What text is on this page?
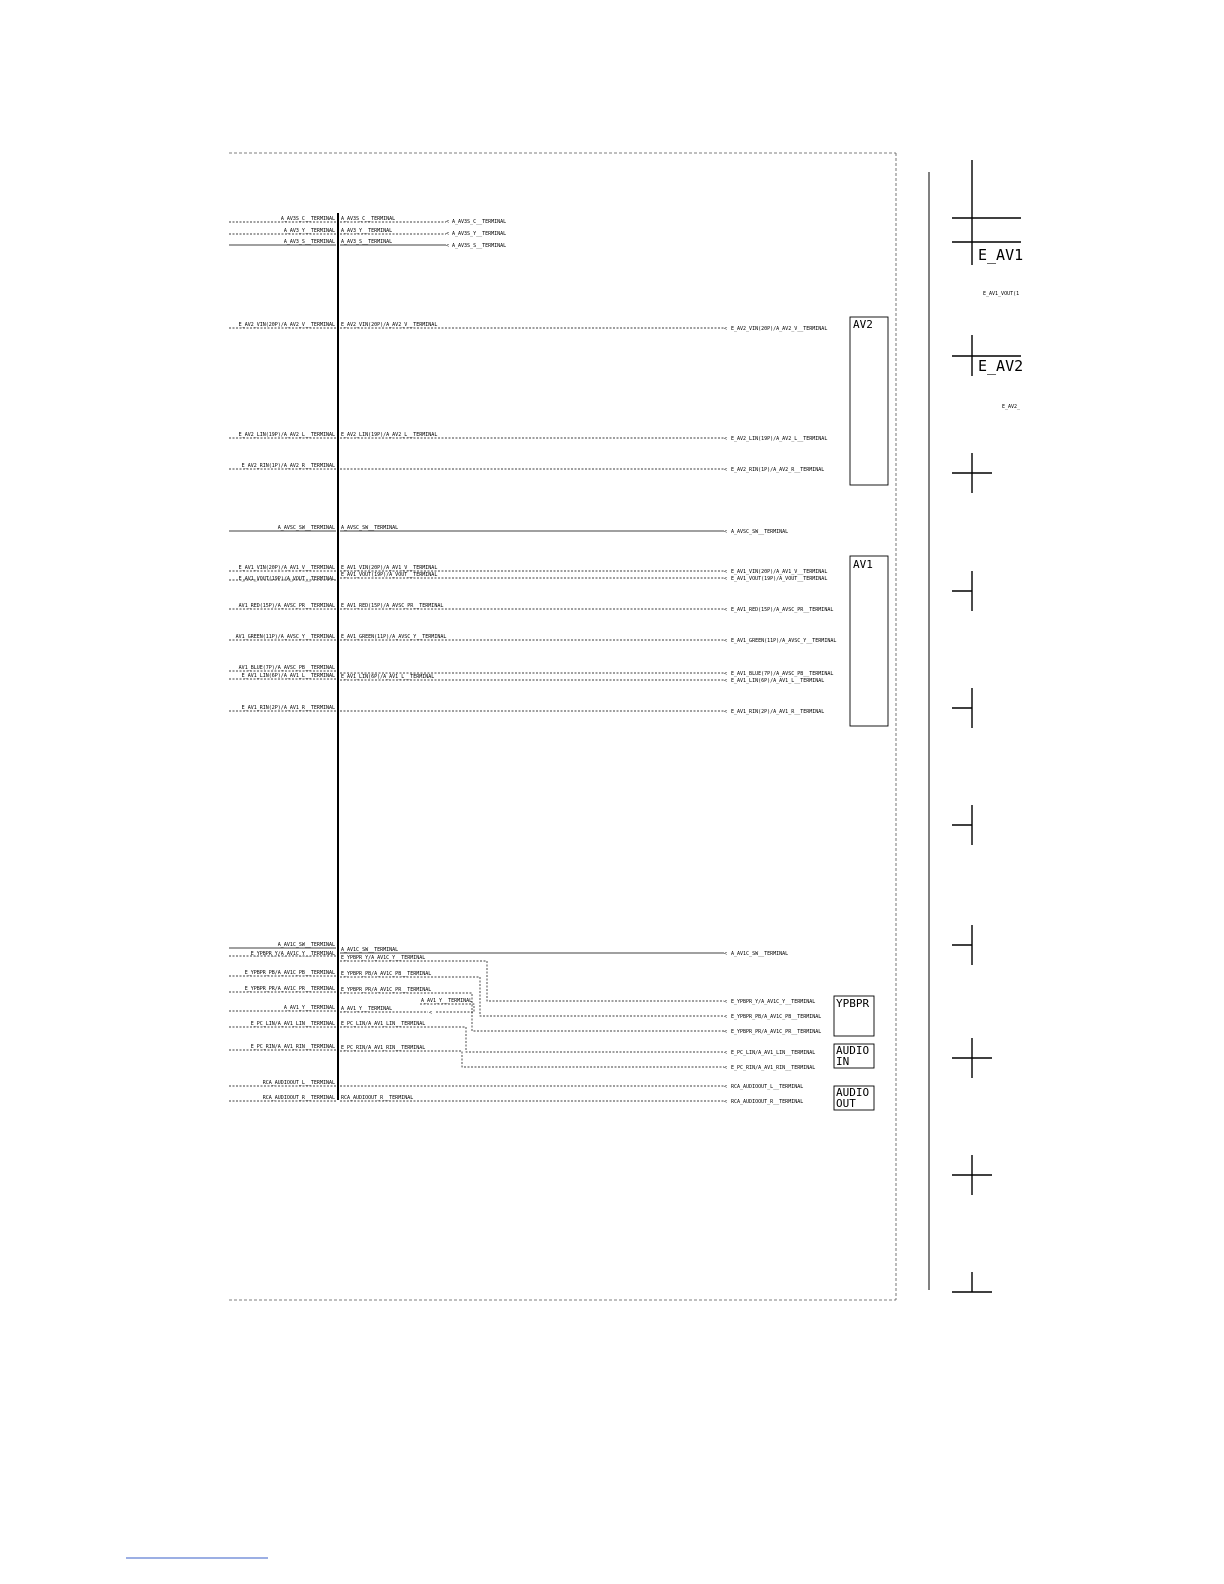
A_AV3S_C__TERMINAL A_AV3S_C__TERMINAL	< A_AV3S_C__TERMINAL
A_AV3_Y__TERMINAL A_AV3_Y__TERMINAL	< A_AV3S_Y__TERMINAL
A_AV3_S__TERMINAL A_AV3_S__TERMINAL
< A_AV3S_S__TERMINAL
E_AV2_VIN(20P)/A_AV2_V__TERMINAL E_AV2_VIN(20P)/A_AV2_V__TERMINAL
< E_AV2_VIN(20P)/A_AV2_V__TERMINAL
E_AV2_LIN(19P)/A_AV2_L__TERMINAL E_AV2_LIN(19P)/A_AV2_L__TERMINAL
< E_AV2_LIN(19P)/A_AV2_L__TERMINAL
E_AV2_RIN(1P)/A_AV2_R__TERMINAL
< E_AV2_RIN(1P)/A_AV2_R__TERMINAL
AV2
A_AVSC_SW__TERMINAL A_AVSC_SW__TERMINAL
< A_AVSC_SW__TERMINAL
E_AV1_VIN(20P)/A_AV1_V__TERMINAL E_AV1_VIN(20P)/A_AV1_V__TERMINAL
< E_AV1_VIN(20P)/A_AV1_V__TERMINAL
E_AV1_VOUT(19P)/A_VOUT__TERMINAL
E_AV1_VOUT(19P)/A_VOUT__TERMINAL
< E_AV1_VOUT(19P)/A_VOUT__TERMINAL
AV1_RED(15P)/A_AVSC_PR__TERMINAL E_AV1_RED(15P)/A_AVSC_PR__TERMINAL
< E_AV1_RED(15P)/A_AVSC_PR__TERMINAL
AV1_GREEN(11P)/A_AVSC_Y__TERMINAL E_AV1_GREEN(11P)/A_AVSC_Y__TERMINAL
< E_AV1_GREEN(11P)/A_AVSC_Y__TERMINAL
AV1_BLUE(7P)/A_AVSC_PB__TERMINAL
< E_AV1_BLUE(7P)/A_AVSC_PB__TERMINAL
E_AV1_LIN(6P)/A_AV1_L__TERMINAL E_AV1_LIN(6P)/A_AV1_L__TERMINAL
< E_AV1_LIN(6P)/A_AV1_L__TERMINAL
E_AV1_RIN(2P)/A_AV1_R__TERMINAL
< E_AV1_RIN(2P)/A_AV1_R__TERMINAL
AV1
A_AV1C_SW__TERMINAL
A_AV1C_SW__TERMINAL
< A_AV1C_SW__TERMINAL
E_YPBPR_Y/A_AV1C_Y__TERMINAL
E_YPBPR_Y/A_AV1C_Y__TERMINAL
< E_YPBPR_Y/A_AV1C_Y__TERMINAL
E_YPBPR_PB/A_AV1C_PB__TERMINAL E_YPBPR_PB/A_AV1C_PB__TERMINAL
< E_YPBPR_PB/A_AV1C_PB__TERMINAL
E_YPBPR_PR/A_AV1C_PR__TERMINAL E_YPBPR_PR/A_AV1C_PR__TERMINAL
< E_YPBPR_PR/A_AV1C_PR__TERMINAL
A_AV1_Y__TERMINAL A_AV1_Y__TERMINAL
A_AV1_Y__TERMINAL
<
E_PC_LIN/A_AV1_LIN__TERMINAL E_PC_LIN/A_AV1_LIN__TERMINAL
< E_PC_LIN/A_AV1_LIN__TERMINAL
E_PC_RIN/A_AV1_RIN__TERMINAL E_PC_RIN/A_AV1_RIN__TERMINAL
< E_PC_RIN/A_AV1_RIN__TERMINAL
RCA_AUDIOOUT_L__TERMINAL
< RCA_AUDIOOUT_L__TERMINAL
RCA_AUDIOOUT_R__TERMINAL RCA_AUDIOOUT_R__TERMINAL
< RCA_AUDIOOUT_R__TERMINAL
YPBPR
AUDIO
IN
AUDIO
OUT
E_AV1
E_AV1_VOUT(1
E_AV2
E_AV2_
